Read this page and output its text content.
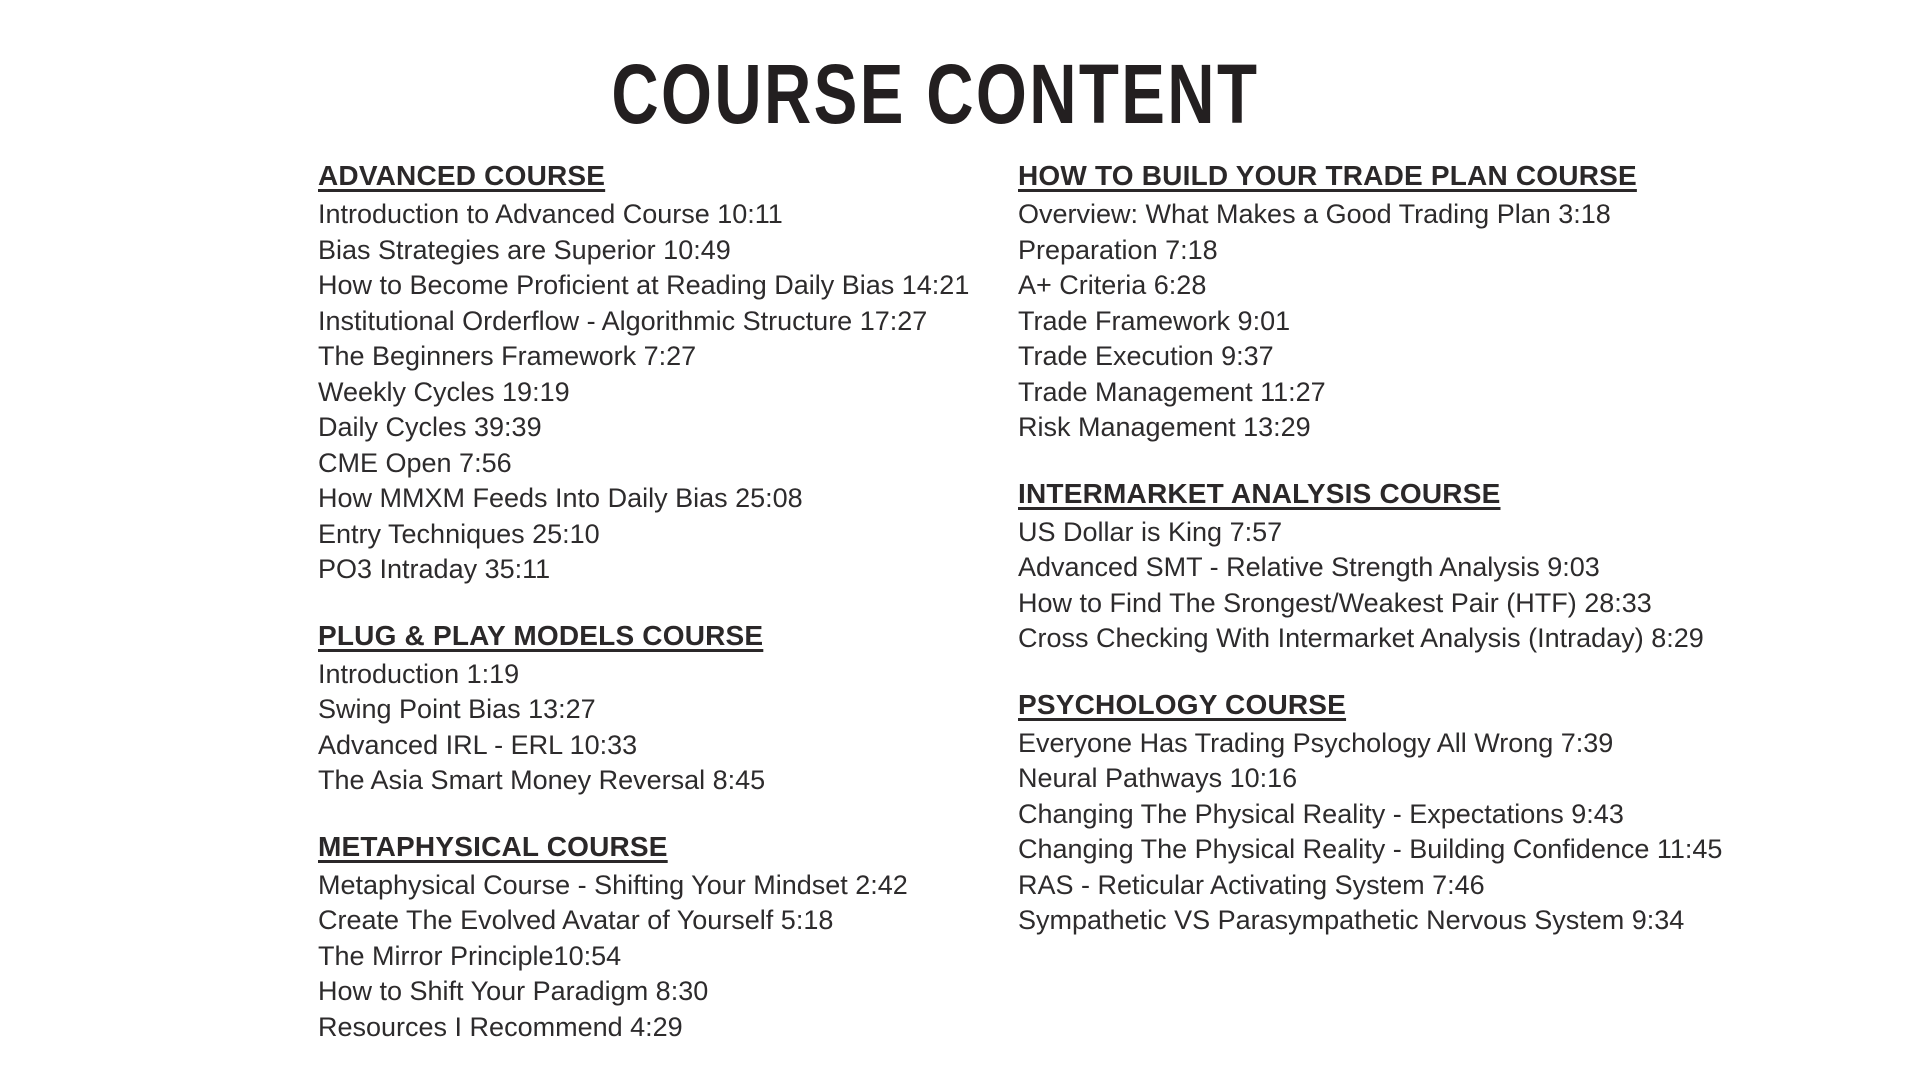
COURSE CONTENT
ADVANCED COURSE

Introduction to Advanced Course 10:11

Bias Strategies are Superior 10:49

How to Become Proficient at Reading Daily Bias 14:21

Institutional Orderflow - Algorithmic Structure 17:27

The Beginners Framework 7:27

Weekly Cycles 19:19

Daily Cycles 39:39

CME Open 7:56

How MMXM Feeds Into Daily Bias 25:08

Entry Techniques 25:10

PO3 Intraday 35:11

PLUG & PLAY MODELS COURSE

Introduction 1:19

Swing Point Bias 13:27

Advanced IRL - ERL 10:33

The Asia Smart Money Reversal 8:45

METAPHYSICAL COURSE

Metaphysical Course - Shifting Your Mindset 2:42

Create The Evolved Avatar of Yourself 5:18

The Mirror Principle10:54

How to Shift Your Paradigm 8:30

Resources I Recommend 4:29

HOW TO BUILD YOUR TRADE PLAN COURSE

Overview: What Makes a Good Trading Plan 3:18

Preparation 7:18

A+ Criteria 6:28

Trade Framework 9:01

Trade Execution 9:37

Trade Management 11:27

Risk Management 13:29

INTERMARKET ANALYSIS COURSE

US Dollar is King 7:57

Advanced SMT - Relative Strength Analysis 9:03

How to Find The Srongest/Weakest Pair (HTF) 28:33

Cross Checking With Intermarket Analysis (Intraday) 8:29

PSYCHOLOGY COURSE

Everyone Has Trading Psychology All Wrong 7:39

Neural Pathways 10:16

Changing The Physical Reality - Expectations 9:43

Changing The Physical Reality - Building Confidence 11:45

RAS - Reticular Activating System 7:46

Sympathetic VS Parasympathetic Nervous System 9:34
